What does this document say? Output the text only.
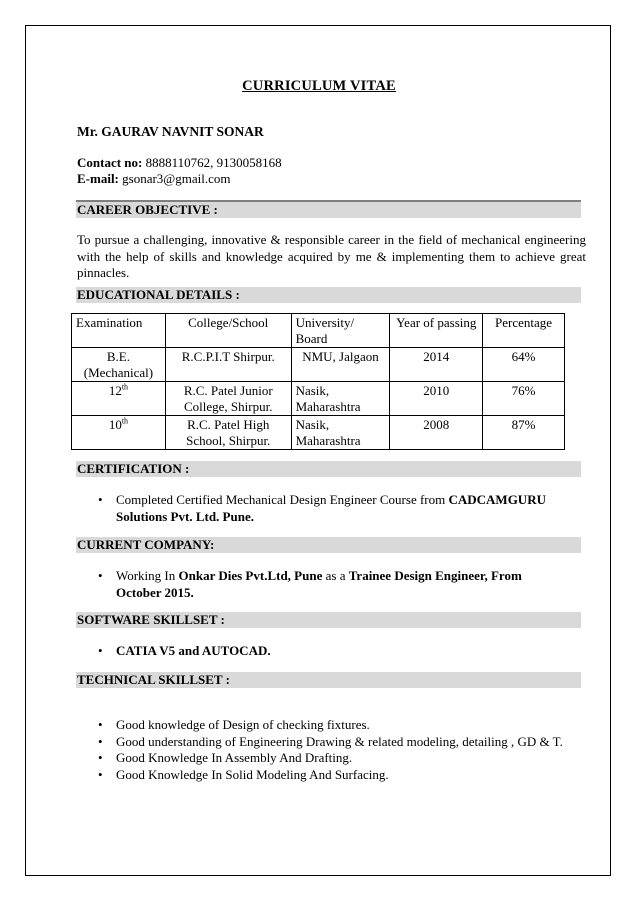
CURRICULUM VITAE
Mr. GAURAV NAVNIT SONAR
Contact no: 8888110762, 9130058168
E-mail: gsonar3@gmail.com
CAREER OBJECTIVE :
To pursue a challenging, innovative & responsible career in the field of mechanical engineering with the help of skills and knowledge acquired by me & implementing them to achieve great pinnacles.
EDUCATIONAL DETAILS :
Examination	College/School	University/ Board	Year of passing	Percentage
B.E. (Mechanical)	R.C.P.I.T Shirpur.	NMU, Jalgaon	2014	64%
12th	R.C. Patel Junior College, Shirpur.	Nasik, Maharashtra	2010	76%
10th	R.C. Patel High School, Shirpur.	Nasik, Maharashtra	2008	87%
CERTIFICATION :
• Completed Certified Mechanical Design Engineer Course from CADCAMGURU Solutions Pvt. Ltd. Pune.
CURRENT COMPANY:
• Working In Onkar Dies Pvt.Ltd, Pune as a Trainee Design Engineer, From October 2015.
SOFTWARE SKILLSET :
• CATIA V5 and AUTOCAD.
TECHNICAL SKILLSET :
• Good knowledge of Design of checking fixtures.
• Good understanding of Engineering Drawing & related modeling, detailing , GD & T.
• Good Knowledge In Assembly And Drafting.
• Good Knowledge In Solid Modeling And Surfacing.
